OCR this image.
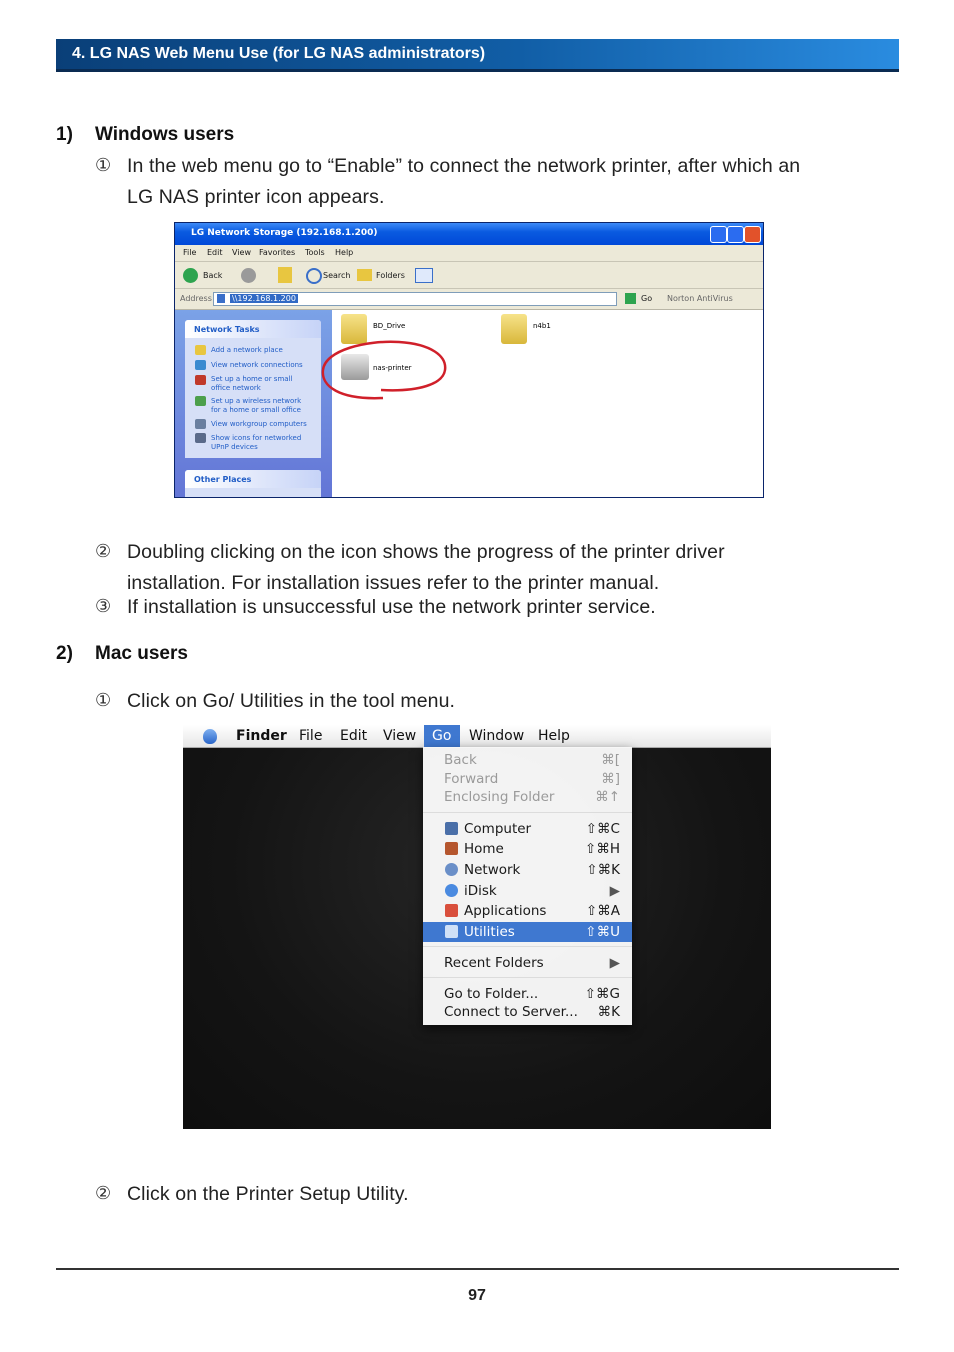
4. LG NAS Web Menu Use (for LG NAS administrators)
1) Windows users
① In the web menu go to “Enable” to connect the network printer, after which an
LG NAS printer icon appears.
LG Network Storage (192.168.1.200)
File Edit View Favorites Tools Help
Back	Search	Folders
Address	\\192.168.1.200	Go Norton AntiVirus
Network Tasks
Add a network place
View network connections
Set up a home or small
office network
Set up a wireless network
for a home or small office
View workgroup computers
Show icons for networked
UPnP devices
Other Places
BD_Drive	n4b1
nas-printer
② Doubling clicking on the icon shows the progress of the printer driver
installation. For installation issues refer to the printer manual.
③ If installation is unsuccessful use the network printer service.
2) Mac users
① Click on Go/ Utilities in the tool menu.
Finder File Edit View Go Window Help
Back	⌘[
Forward	⌘]
Enclosing Folder	⌘↑
Computer	⇧⌘C
Home	⇧⌘H
Network	⇧⌘K
iDisk	▶
Applications	⇧⌘A
Utilities	⇧⌘U
Recent Folders	▶
Go to Folder...	⇧⌘G
Connect to Server... ⌘K
② Click on the Printer Setup Utility.
97
